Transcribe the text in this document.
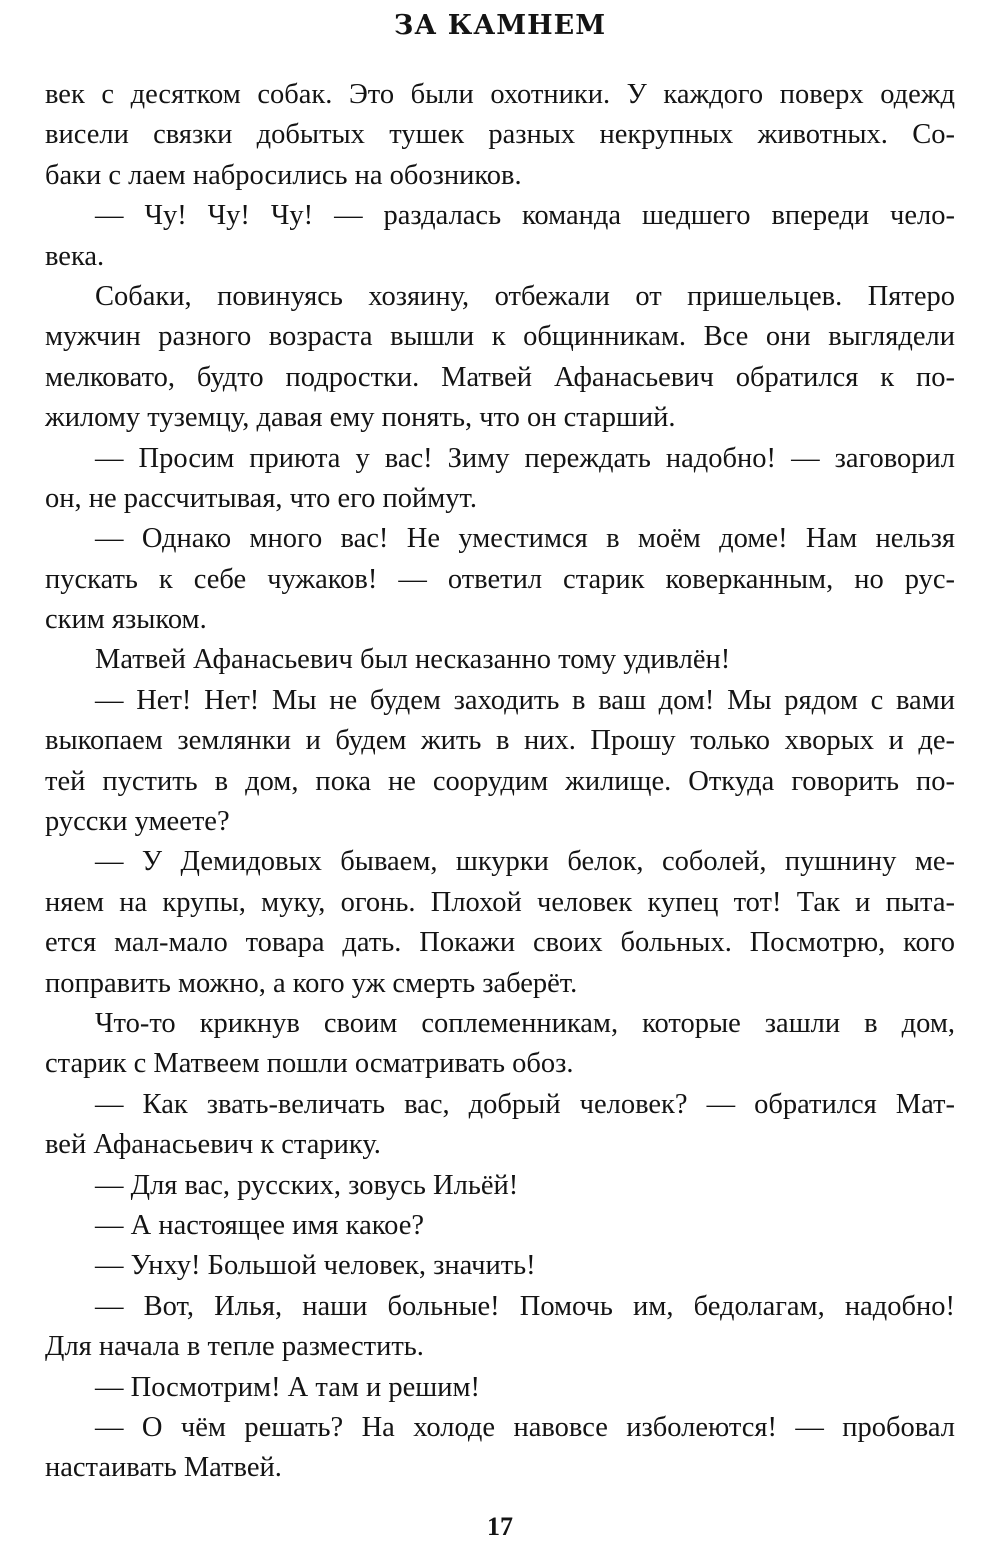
ЗА КАМНЕМ
век с десятком собак. Это были охотники. У каждого поверх одежд
висели связки добытых тушек разных некрупных животных. Со-
баки с лаем набросились на обозников.
— Чу! Чу! Чу! — раздалась команда шедшего впереди чело-
века.
Собаки, повинуясь хозяину, отбежали от пришельцев. Пятеро
мужчин разного возраста вышли к общинникам. Все они выглядели
мелковато, будто подростки. Матвей Афанасьевич обратился к по-
жилому туземцу, давая ему понять, что он старший.
— Просим приюта у вас! Зиму переждать надобно! — заговорил
он, не рассчитывая, что его поймут.
— Однако много вас! Не уместимся в моём доме! Нам нельзя
пускать к себе чужаков! — ответил старик коверканным, но рус-
ским языком.
Матвей Афанасьевич был несказанно тому удивлён!
— Нет! Нет! Мы не будем заходить в ваш дом! Мы рядом с вами
выкопаем землянки и будем жить в них. Прошу только хворых и де-
тей пустить в дом, пока не соорудим жилище. Откуда говорить по-
русски умеете?
— У Демидовых бываем, шкурки белок, соболей, пушнину ме-
няем на крупы, муку, огонь. Плохой человек купец тот! Так и пыта-
ется мал-мало товара дать. Покажи своих больных. Посмотрю, кого
поправить можно, а кого уж смерть заберёт.
Что-то крикнув своим соплеменникам, которые зашли в дом,
старик с Матвеем пошли осматривать обоз.
— Как звать-величать вас, добрый человек? — обратился Мат-
вей Афанасьевич к старику.
— Для вас, русских, зовусь Ильёй!
— А настоящее имя какое?
— Унху! Большой человек, значить!
— Вот, Илья, наши больные! Помочь им, бедолагам, надобно!
Для начала в тепле разместить.
— Посмотрим! А там и решим!
— О чём решать? На холоде навовсе изболеются! — пробовал
настаивать Матвей.
17
